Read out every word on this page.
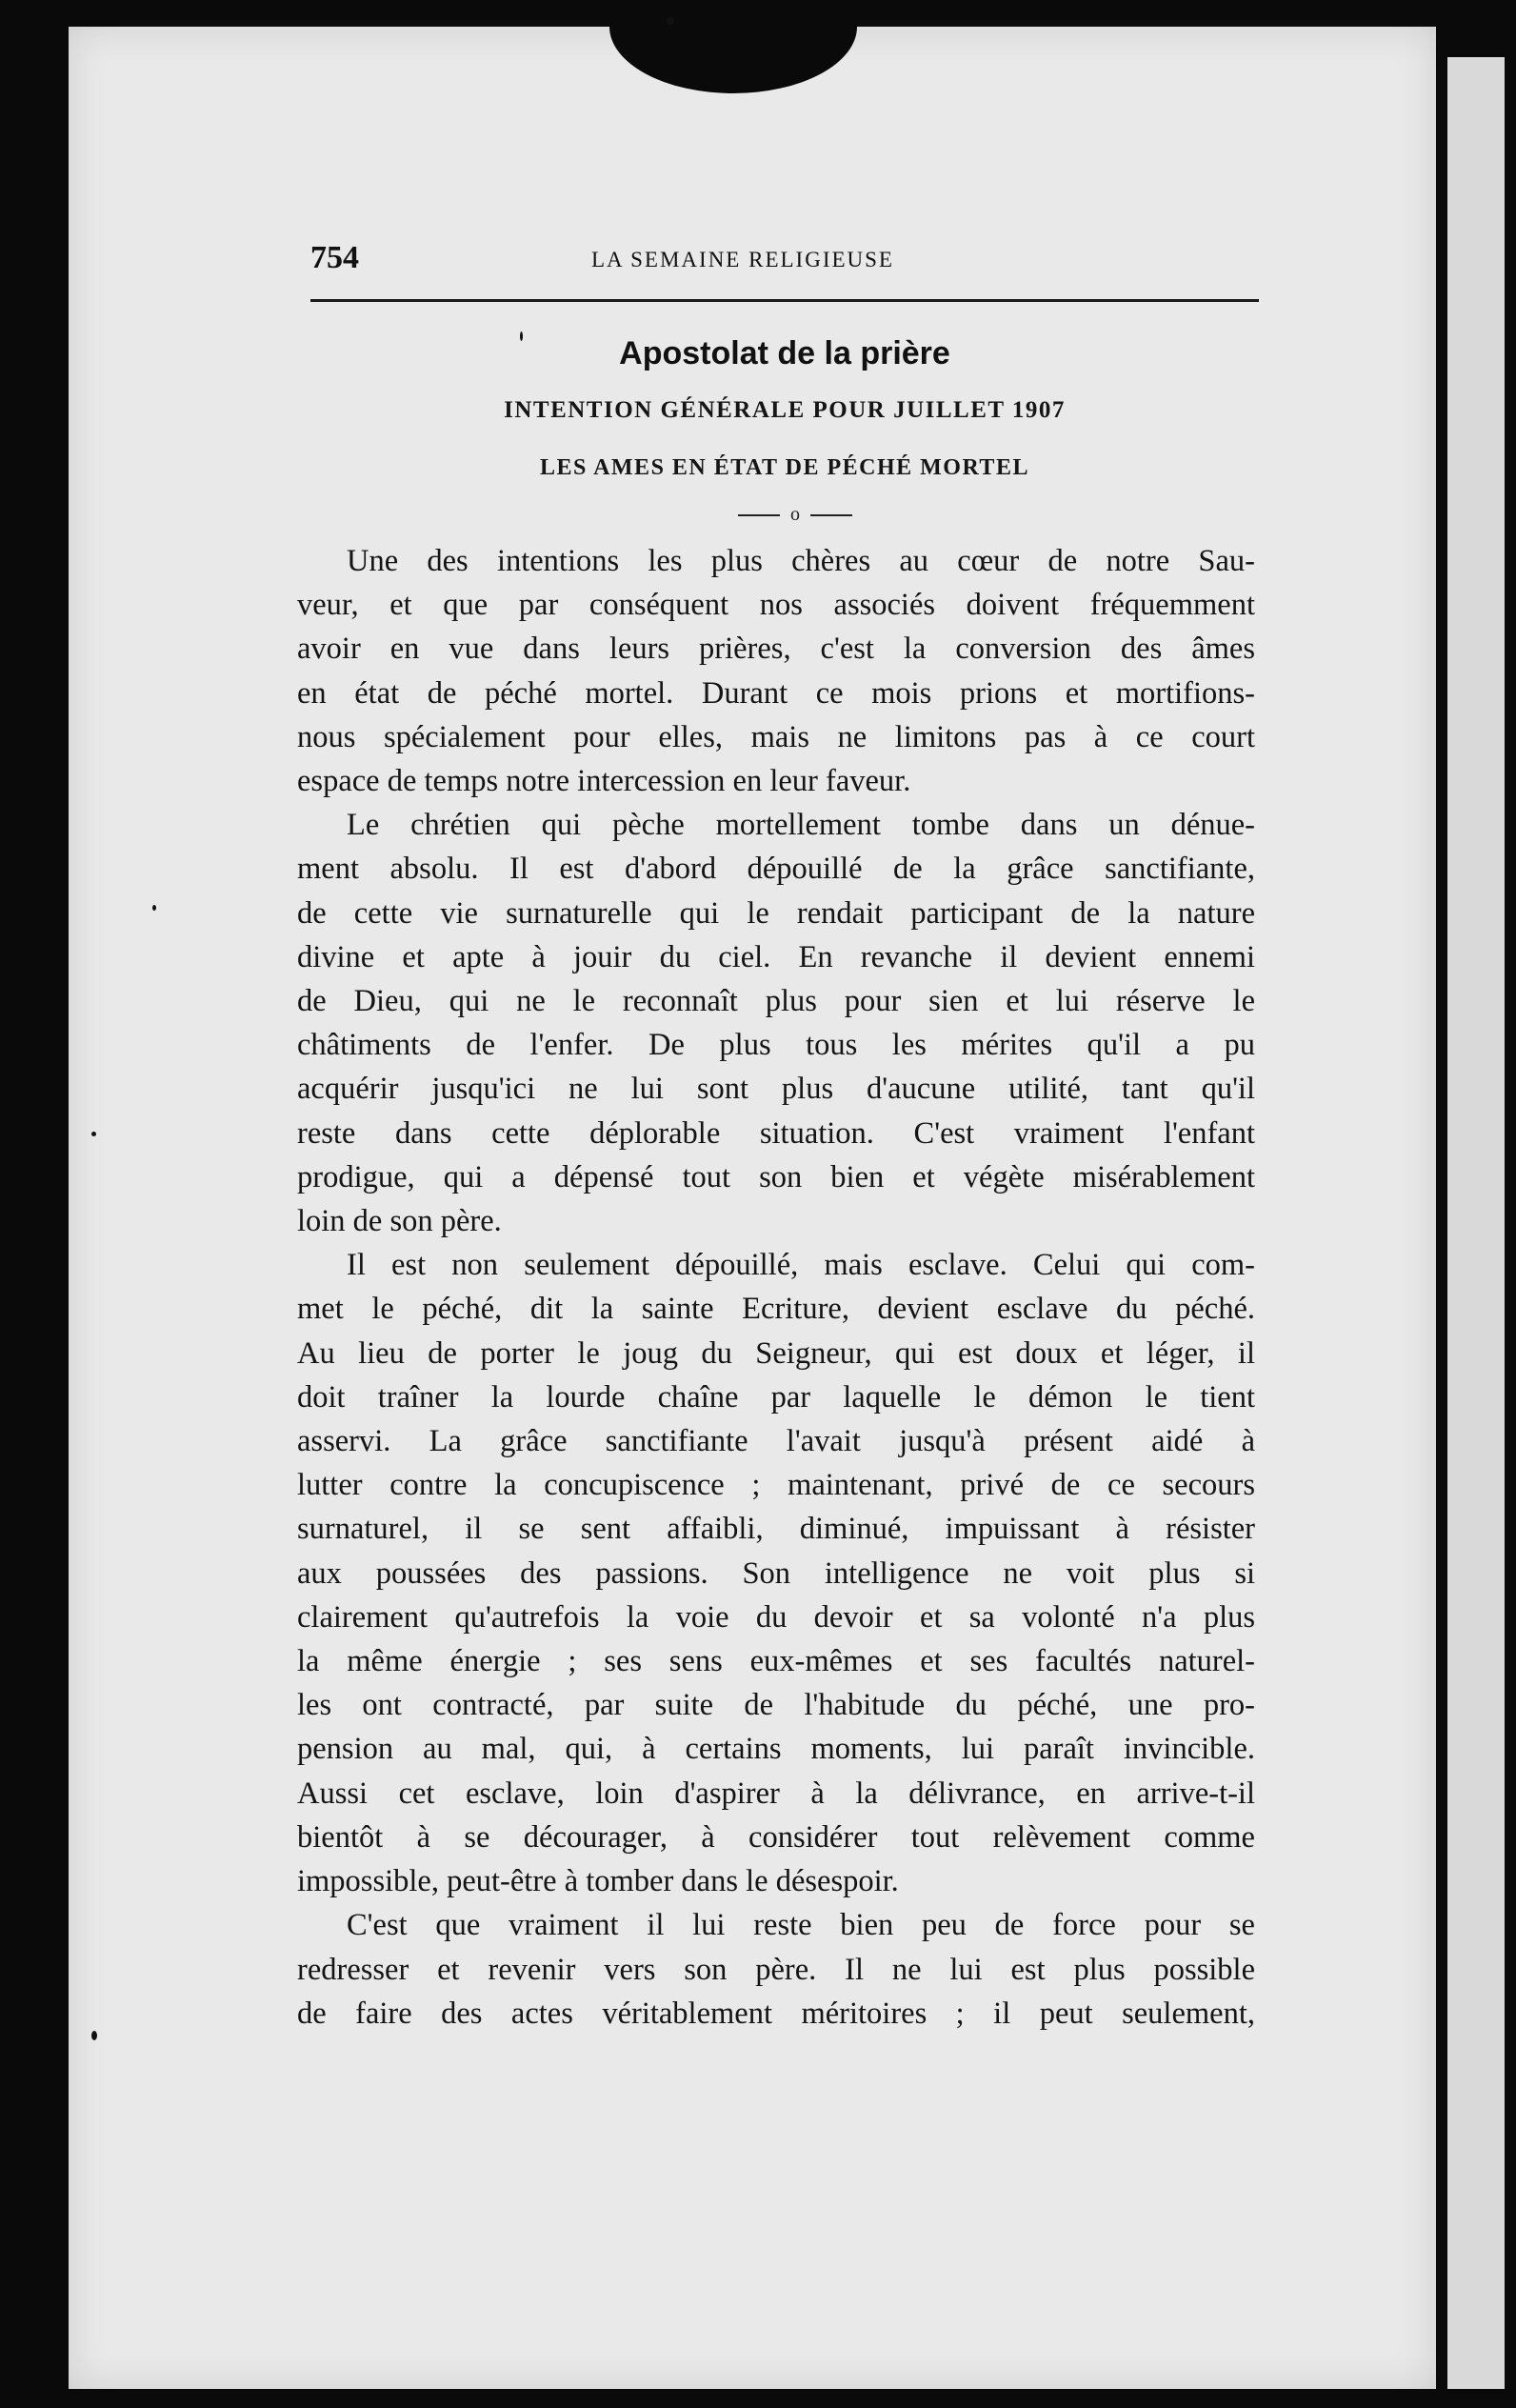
754	LA SEMAINE RELIGIEUSE
Apostolat de la prière
INTENTION GÉNÉRALE POUR JUILLET 1907
LES AMES EN ÉTAT DE PÉCHÉ MORTEL
o

Une des intentions les plus chères au cœur de notre Sau-
veur, et que par conséquent nos associés doivent fréquemment
avoir en vue dans leurs prières, c'est la conversion des âmes
en état de péché mortel. Durant ce mois prions et mortifions-
nous spécialement pour elles, mais ne limitons pas à ce court
espace de temps notre intercession en leur faveur.

Le chrétien qui pèche mortellement tombe dans un dénue-
ment absolu. Il est d'abord dépouillé de la grâce sanctifiante,
de cette vie surnaturelle qui le rendait participant de la nature
divine et apte à jouir du ciel. En revanche il devient ennemi
de Dieu, qui ne le reconnaît plus pour sien et lui réserve le
châtiments de l'enfer. De plus tous les mérites qu'il a pu
acquérir jusqu'ici ne lui sont plus d'aucune utilité, tant qu'il
reste dans cette déplorable situation. C'est vraiment l'enfant
prodigue, qui a dépensé tout son bien et végète misérablement
loin de son père.

Il est non seulement dépouillé, mais esclave. Celui qui com-
met le péché, dit la sainte Ecriture, devient esclave du péché.
Au lieu de porter le joug du Seigneur, qui est doux et léger, il
doit traîner la lourde chaîne par laquelle le démon le tient
asservi. La grâce sanctifiante l'avait jusqu'à présent aidé à
lutter contre la concupiscence ; maintenant, privé de ce secours
surnaturel, il se sent affaibli, diminué, impuissant à résister
aux poussées des passions. Son intelligence ne voit plus si
clairement qu'autrefois la voie du devoir et sa volonté n'a plus
la même énergie ; ses sens eux-mêmes et ses facultés naturel-
les ont contracté, par suite de l'habitude du péché, une pro-
pension au mal, qui, à certains moments, lui paraît invincible.
Aussi cet esclave, loin d'aspirer à la délivrance, en arrive-t-il
bientôt à se décourager, à considérer tout relèvement comme
impossible, peut-être à tomber dans le désespoir.

C'est que vraiment il lui reste bien peu de force pour se
redresser et revenir vers son père. Il ne lui est plus possible
de faire des actes véritablement méritoires ; il peut seulement,
